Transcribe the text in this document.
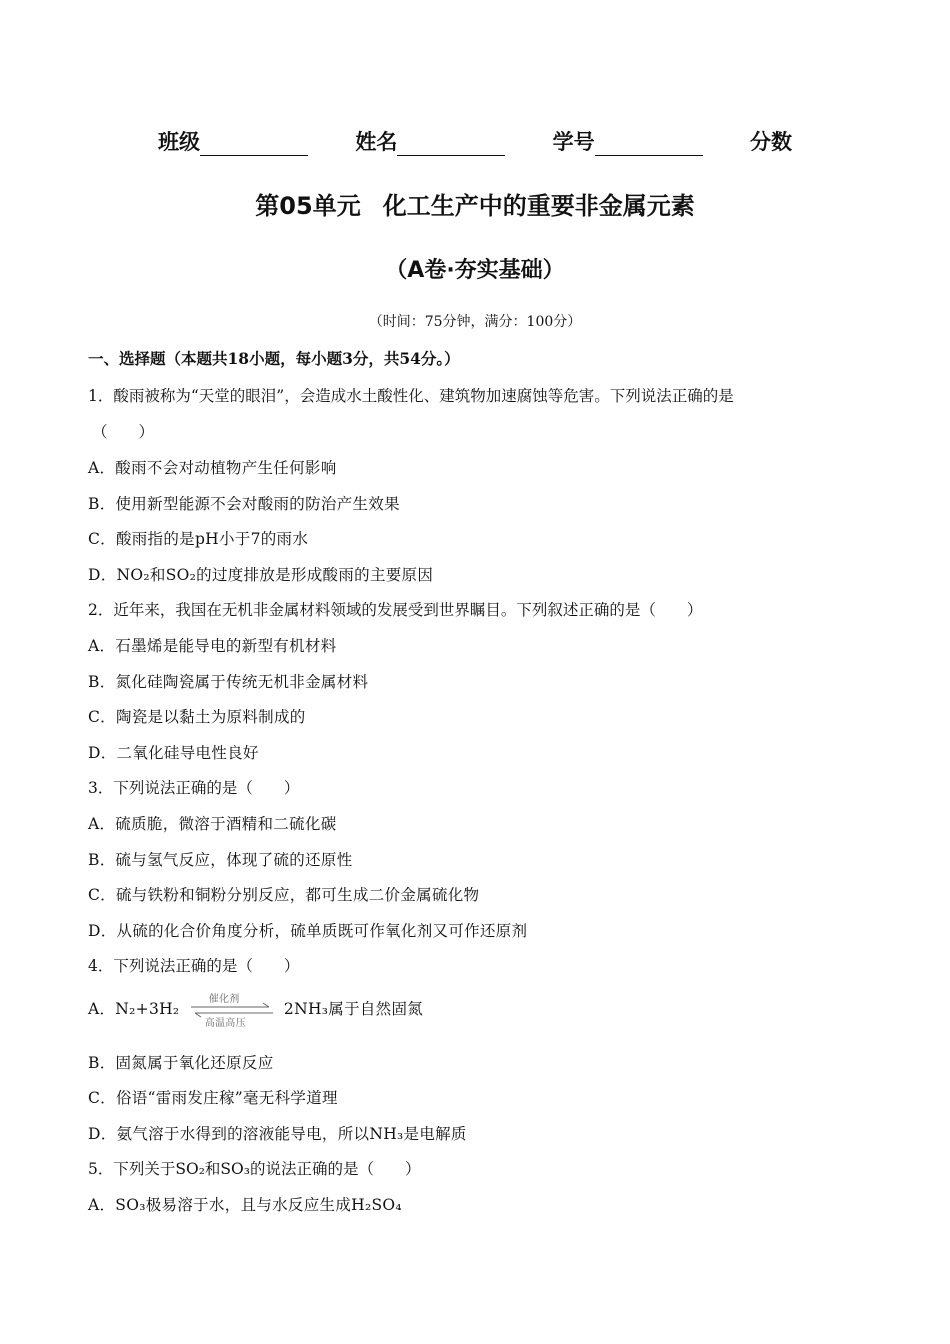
班级	姓名	学号	分数
第05单元 化工生产中的重要非金属元素
（A卷·夯实基础）
（时间：75分钟，满分：100分）
一、选择题（本题共18小题，每小题3分，共54分。）
1．酸雨被称为“天堂的眼泪”，会造成水土酸性化、建筑物加速腐蚀等危害。下列说法正确的是
（　　）
A．酸雨不会对动植物产生任何影响
B．使用新型能源不会对酸雨的防治产生效果
C．酸雨指的是pH小于7的雨水
D．NO₂和SO₂的过度排放是形成酸雨的主要原因
2．近年来，我国在无机非金属材料领域的发展受到世界瞩目。下列叙述正确的是（　　）
A．石墨烯是能导电的新型有机材料
B．氮化硅陶瓷属于传统无机非金属材料
C．陶瓷是以黏土为原料制成的
D．二氧化硅导电性良好
3．下列说法正确的是（　　）
A．硫质脆，微溶于酒精和二硫化碳
B．硫与氢气反应，体现了硫的还原性
C．硫与铁粉和铜粉分别反应，都可生成二价金属硫化物
D．从硫的化合价角度分析，硫单质既可作氧化剂又可作还原剂
4．下列说法正确的是（　　）
A．N₂+3H₂
催化剂
高温高压
2NH₃属于自然固氮
B．固氮属于氧化还原反应
C．俗语“雷雨发庄稼”毫无科学道理
D．氨气溶于水得到的溶液能导电，所以NH₃是电解质
5．下列关于SO₂和SO₃的说法正确的是（　　）
A．SO₃极易溶于水，且与水反应生成H₂SO₄
